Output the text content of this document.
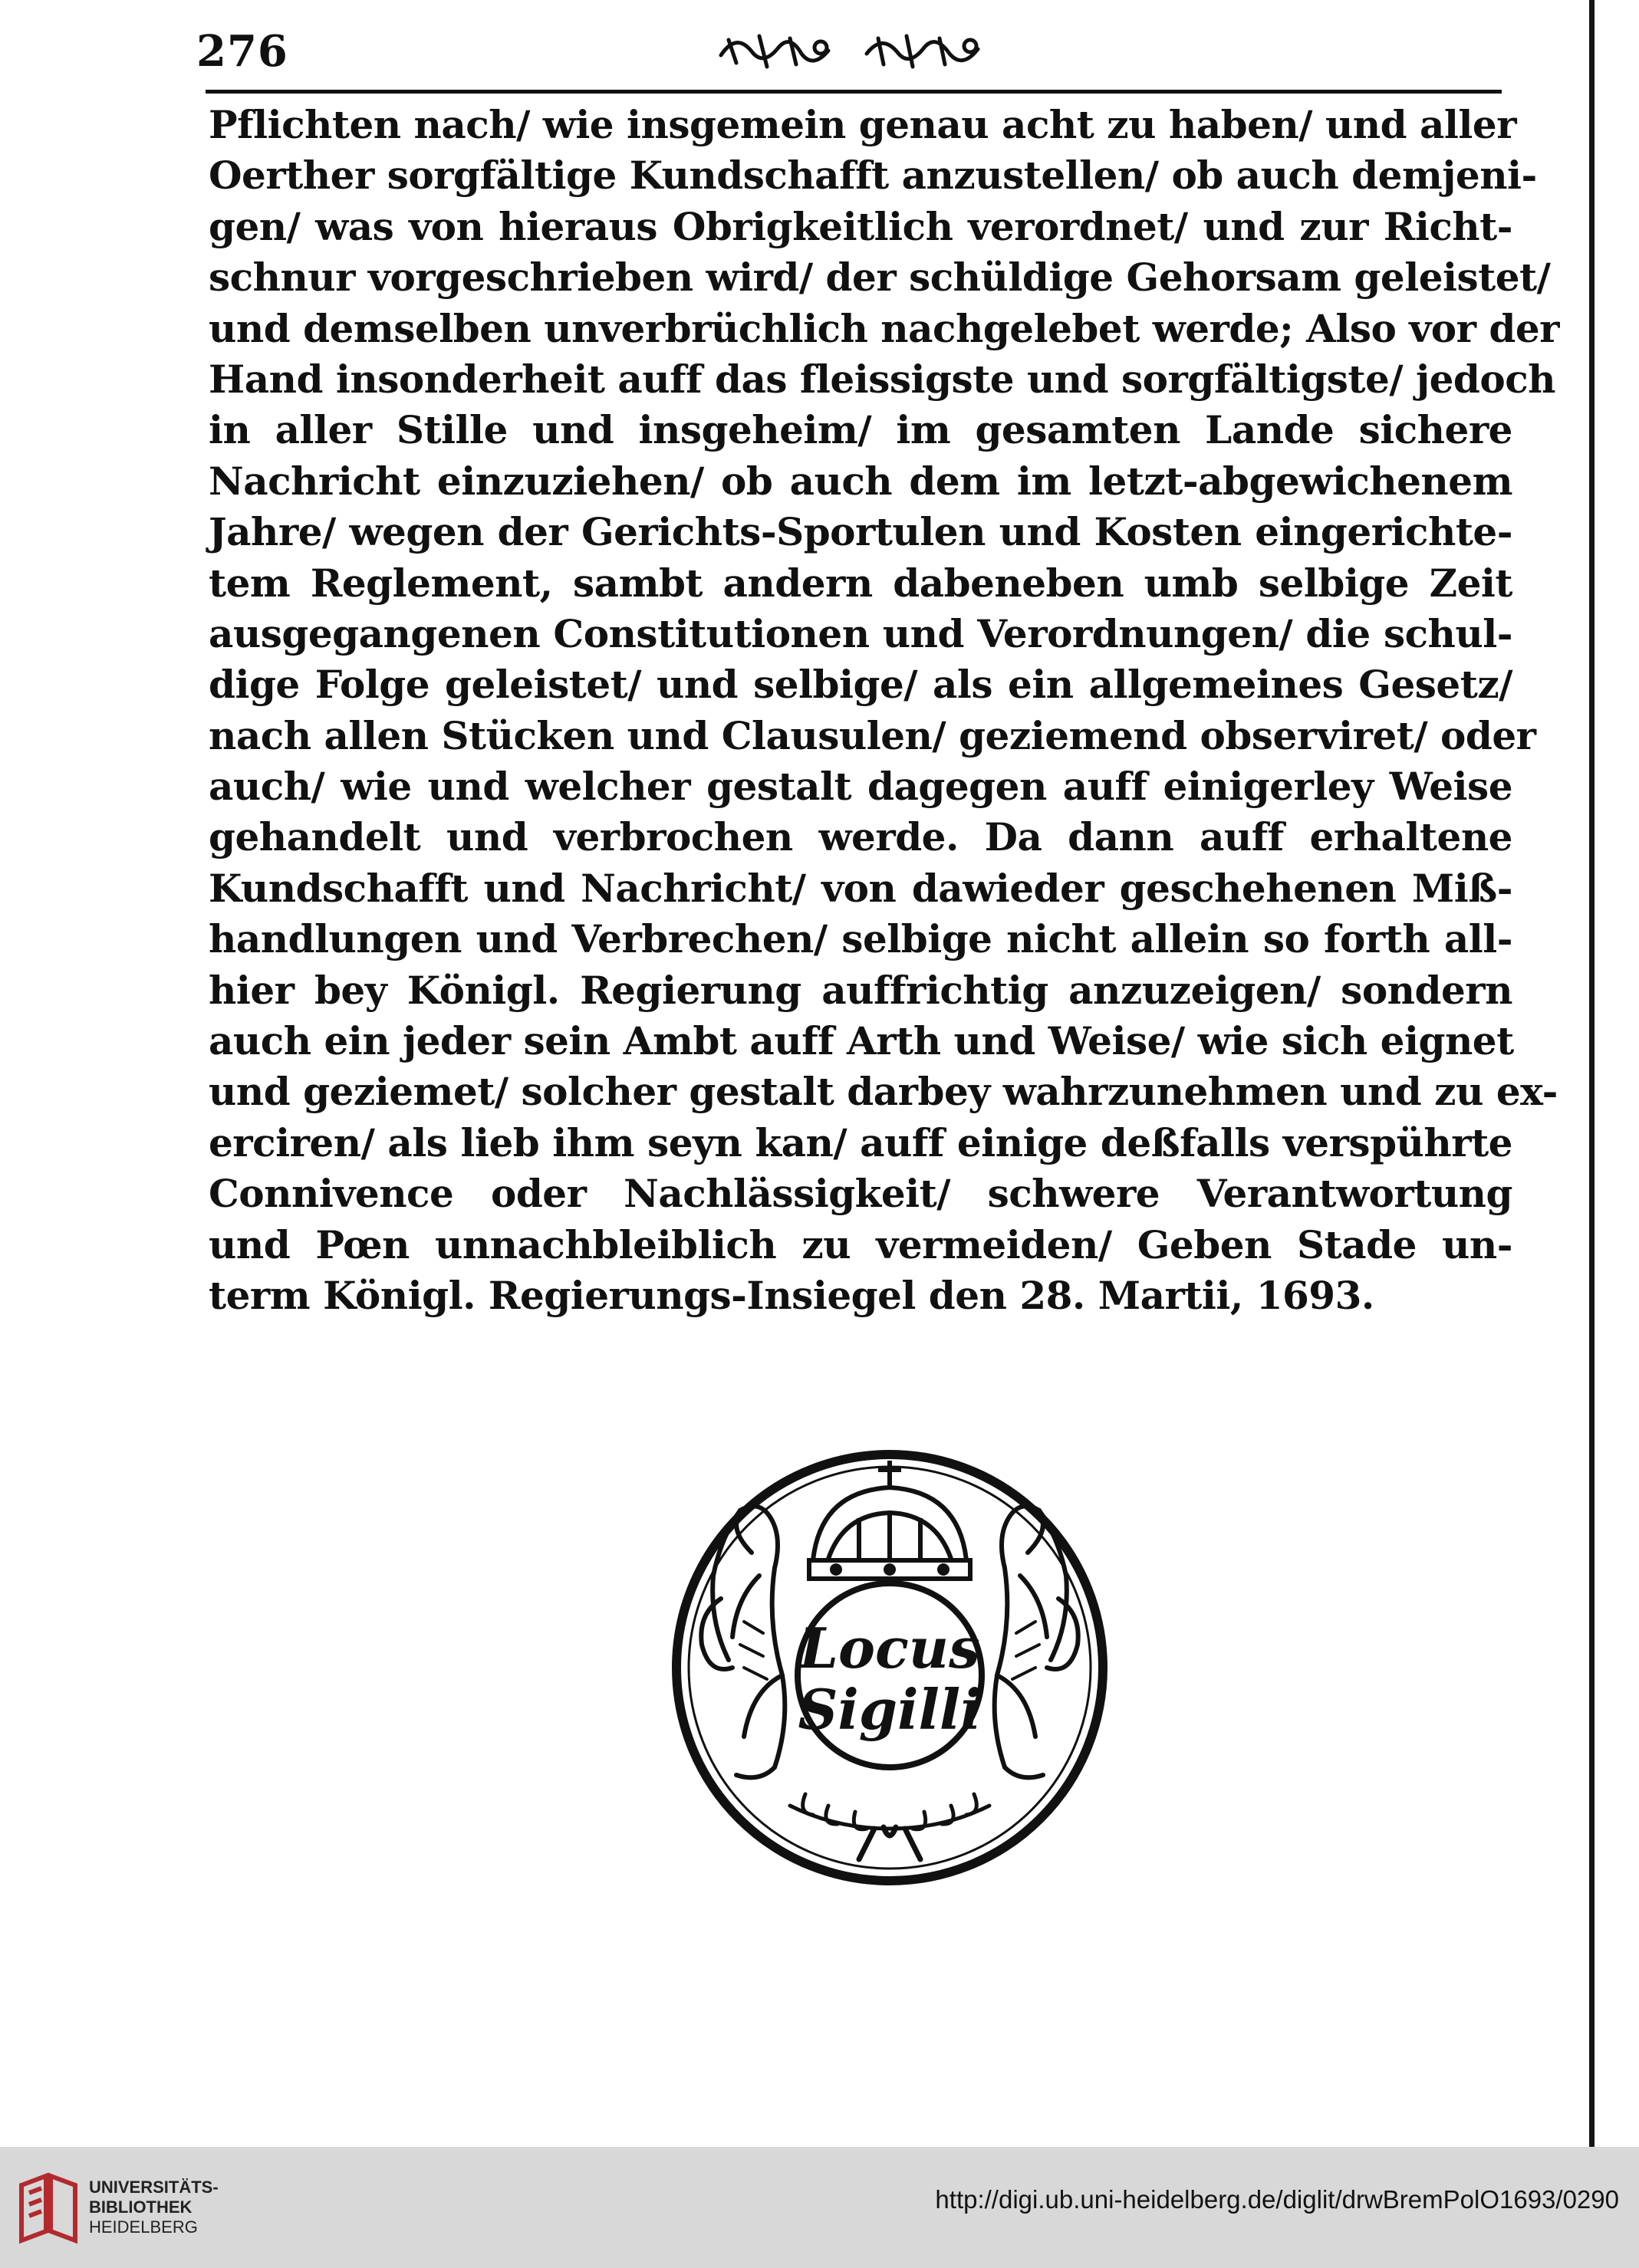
276
Pflichten nach/ wie insgemein genau acht zu haben/ und aller
Oerther sorgfältige Kundschafft anzustellen/ ob auch demjeni-
gen/ was von hieraus Obrigkeitlich verordnet/ und zur Richt-
schnur vorgeschrieben wird/ der schüldige Gehorsam geleistet/
und demselben unverbrüchlich nachgelebet werde; Also vor der
Hand insonderheit auff das fleissigste und sorgfältigste/ jedoch
in aller Stille und insgeheim/ im gesamten Lande sichere
Nachricht einzuziehen/ ob auch dem im letzt-abgewichenem
Jahre/ wegen der Gerichts-Sportulen und Kosten eingerichte-
tem Reglement, sambt andern dabeneben umb selbige Zeit
ausgegangenen Constitutionen und Verordnungen/ die schul-
dige Folge geleistet/ und selbige/ als ein allgemeines Gesetz/
nach allen Stücken und Clausulen/ geziemend observiret/ oder
auch/ wie und welcher gestalt dagegen auff einigerley Weise
gehandelt und verbrochen werde. Da dann auff erhaltene
Kundschafft und Nachricht/ von dawieder geschehenen Miß-
handlungen und Verbrechen/ selbige nicht allein so forth all-
hier bey Königl. Regierung auffrichtig anzuzeigen/ sondern
auch ein jeder sein Ambt auff Arth und Weise/ wie sich eignet
und geziemet/ solcher gestalt darbey wahrzunehmen und zu ex-
erciren/ als lieb ihm seyn kan/ auff einige deßfalls verspührte
Connivence oder Nachlässigkeit/ schwere Verantwortung
und Pœn unnachbleiblich zu vermeiden/ Geben Stade un-
term Königl. Regierungs-Insiegel den 28. Martii, 1693.
Locus
Sigilli
UNIVERSITÄTS-
BIBLIOTHEK
HEIDELBERG
http://digi.ub.uni-heidelberg.de/diglit/drwBremPolO1693/0290
